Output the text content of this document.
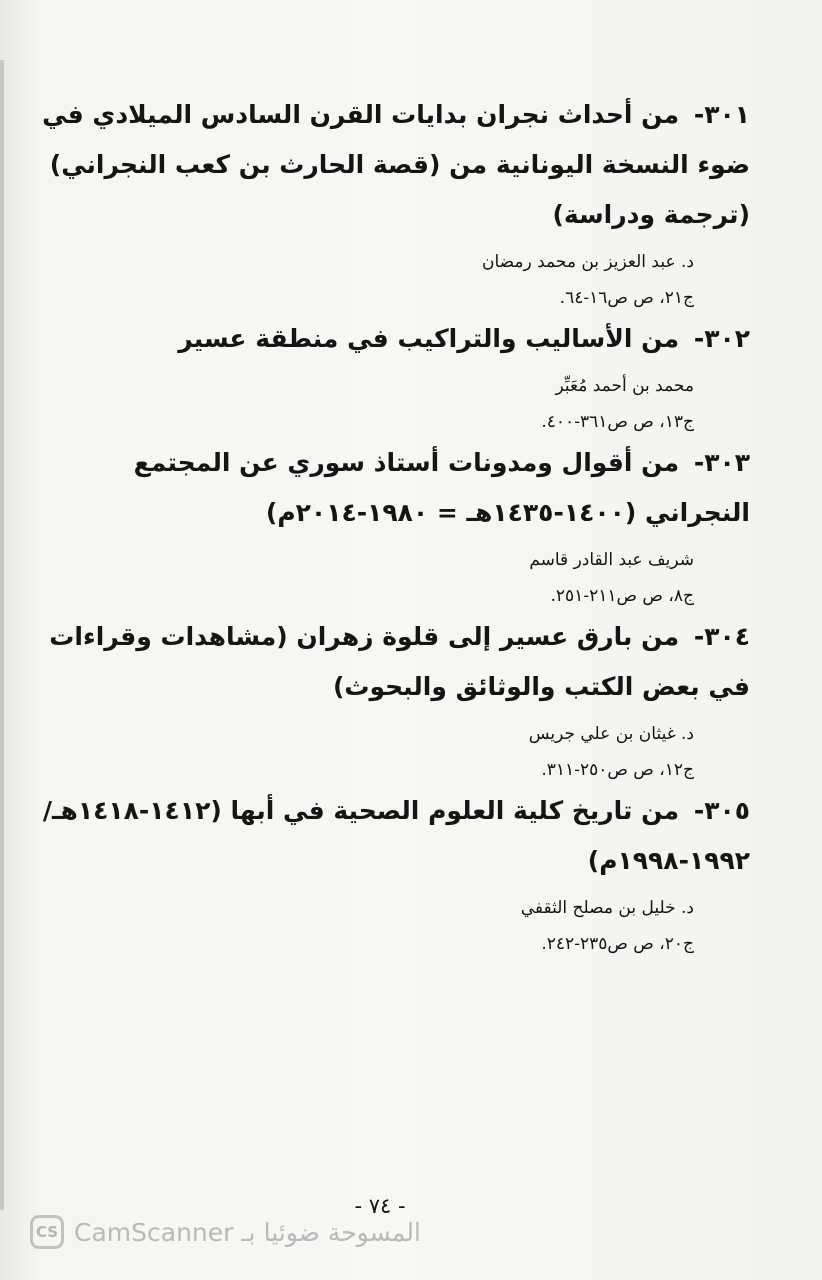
٣٠١- من أحداث نجران بدايات القرن السادس الميلادي في ضوء النسخة اليونانية من (قصة الحارث بن كعب النجراني) (ترجمة ودراسة)

د. عبد العزيز بن محمد رمضان
ج٢١، ص ص١٦-٦٤.

٣٠٢- من الأساليب والتراكيب في منطقة عسير

محمد بن أحمد مُعَبِّر
ج١٣، ص ص٣٦١-٤٠٠.

٣٠٣- من أقوال ومدونات أستاذ سوري عن المجتمع النجراني (١٤٠٠-١٤٣٥هـ = ١٩٨٠-٢٠١٤م)

شريف عبد القادر قاسم
ج٨، ص ص٢١١-٢٥١.

٣٠٤- من بارق عسير إلى قلوة زهران (مشاهدات وقراءات في بعض الكتب والوثائق والبحوث)

د. غيثان بن علي جريس
ج١٢، ص ص٢٥٠-٣١١.

٣٠٥- من تاريخ كلية العلوم الصحية في أبها (١٤١٢-١٤١٨هـ/١٩٩٢-١٩٩٨م)

د. خليل بن مصلح الثقفي
ج٢٠، ص ص٢٣٥-٢٤٢.
- ٧٤ -
CS CamScanner المسوحة ضوئيا بـ
